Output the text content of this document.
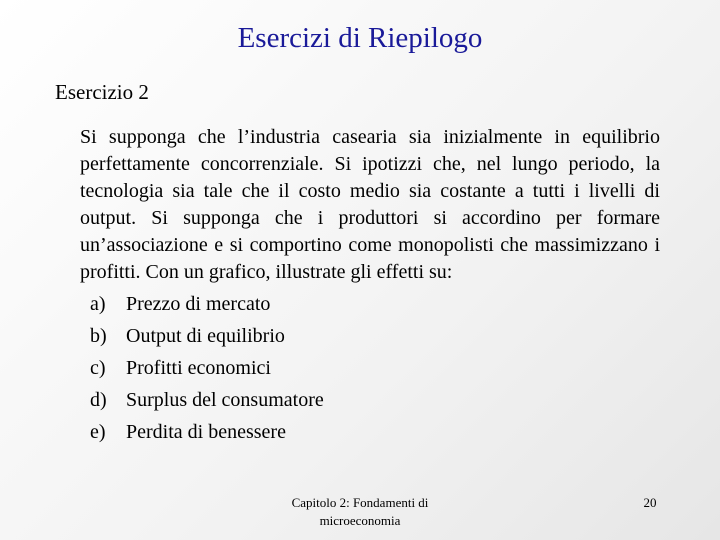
Esercizi di Riepilogo
Esercizio 2
Si supponga che l’industria casearia sia inizialmente in equilibrio perfettamente concorrenziale. Si ipotizzi che, nel lungo periodo, la tecnologia sia tale che il costo medio sia costante a tutti i livelli di output. Si supponga che i produttori si accordino per formare un’associazione e si comportino come monopolisti che massimizzano i profitti. Con un grafico, illustrate gli effetti su:
a)	Prezzo di mercato
b) Output di equilibrio
c)	Profitti economici
d) Surplus del consumatore
e)	Perdita di benessere
Capitolo 2: Fondamenti di
microeconomia
20
